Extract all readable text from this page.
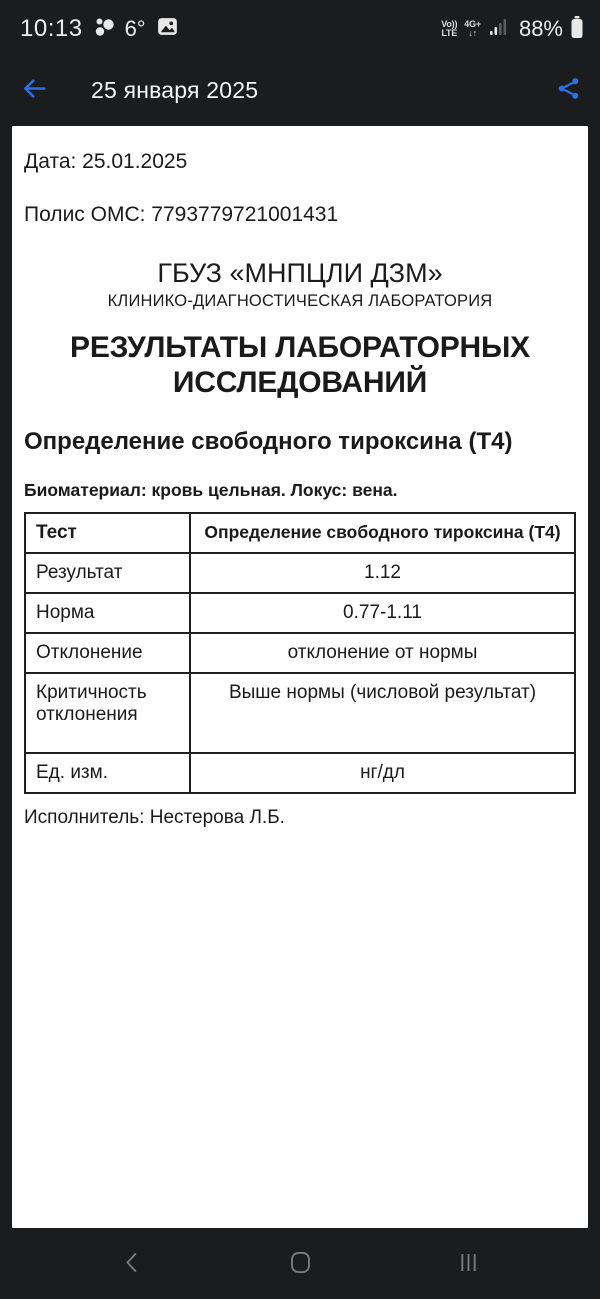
10:13 6°	Vo))
LTE
4G+
↓↑ 88%
25 января 2025

Дата: 25.01.2025

Полис ОМС: 7793779721001431

ГБУЗ «МНПЦЛИ ДЗМ»

КЛИНИКО-ДИАГНОСТИЧЕСКАЯ ЛАБОРАТОРИЯ

РЕЗУЛЬТАТЫ ЛАБОРАТОРНЫХ ИССЛЕДОВАНИЙ
Определение свободного тироксина (Т4)

Биоматериал: кровь цельная. Локус: вена.

Тест	Определение свободного тироксина (Т4)
Результат	1.12
Норма	0.77-1.11
Отклонение	отклонение от нормы
Критичность отклонения	Выше нормы (числовой результат)
Ед. изм.	нг/дл

Исполнитель: Нестерова Л.Б.
